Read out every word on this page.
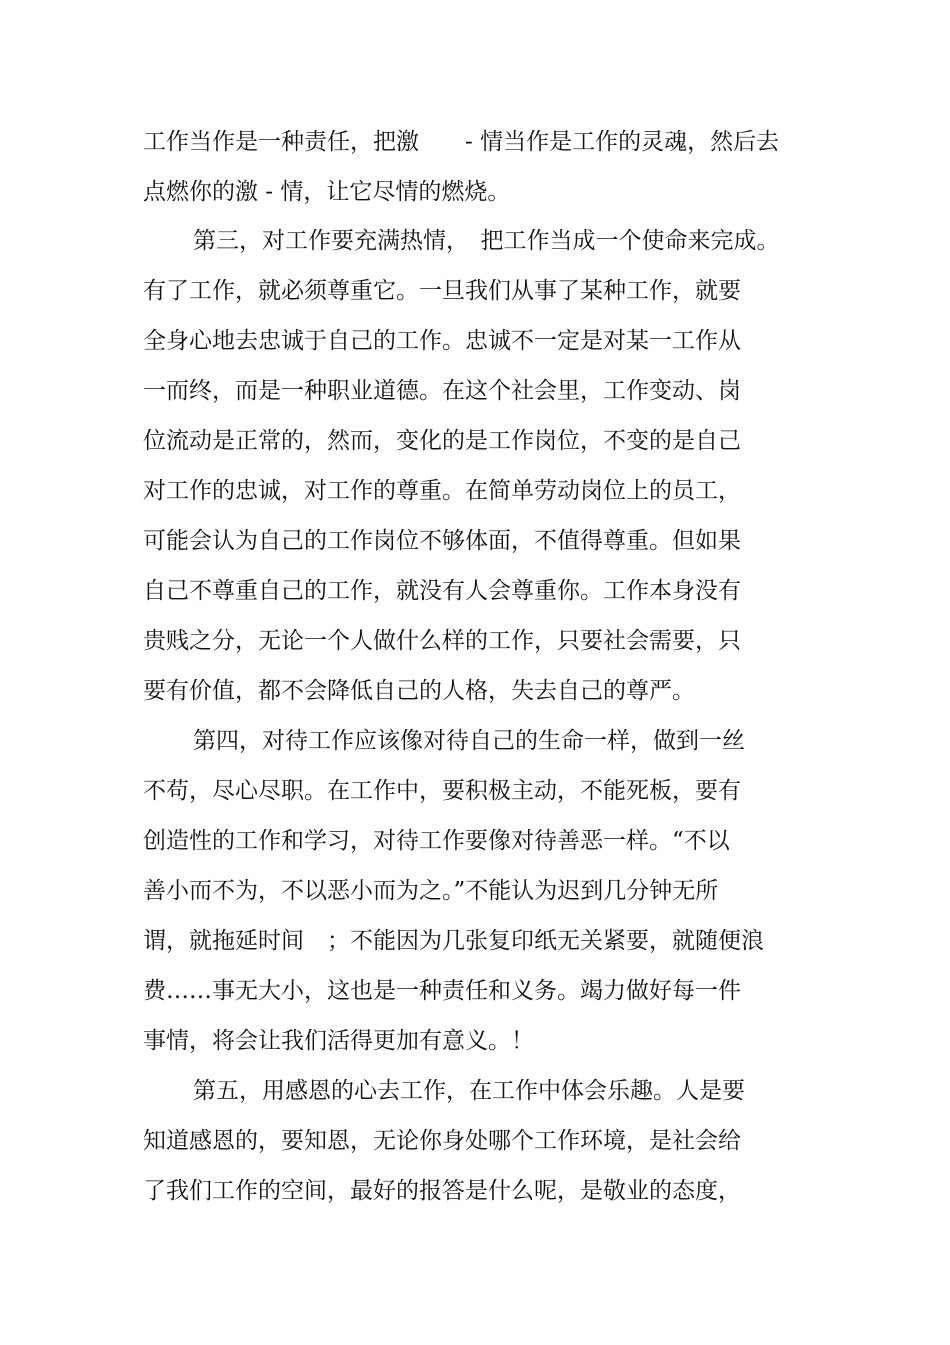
工作当作是一种责任，把激　　- 情当作是工作的灵魂，然后去
点燃你的激 - 情，让它尽情的燃烧。
第三，对工作要充满热情，　把工作当成一个使命来完成。
有了工作，就必须尊重它。一旦我们从事了某种工作，就要
全身心地去忠诚于自己的工作。忠诚不一定是对某一工作从
一而终，而是一种职业道德。在这个社会里，工作变动、岗
位流动是正常的，然而，变化的是工作岗位，不变的是自己
对工作的忠诚，对工作的尊重。在简单劳动岗位上的员工，
可能会认为自己的工作岗位不够体面，不值得尊重。但如果
自己不尊重自己的工作，就没有人会尊重你。工作本身没有
贵贱之分，无论一个人做什么样的工作，只要社会需要，只
要有价值，都不会降低自己的人格，失去自己的尊严。
第四，对待工作应该像对待自己的生命一样，做到一丝
不苟，尽心尽职。在工作中，要积极主动，不能死板，要有
创造性的工作和学习，对待工作要像对待善恶一样。“不以
善小而不为，不以恶小而为之。”不能认为迟到几分钟无所
谓，就拖延时间　；不能因为几张复印纸无关紧要，就随便浪
费……事无大小，这也是一种责任和义务。竭力做好每一件
事情，将会让我们活得更加有意义。！
第五，用感恩的心去工作，在工作中体会乐趣。人是要
知道感恩的，要知恩，无论你身处哪个工作环境，是社会给
了我们工作的空间，最好的报答是什么呢，是敬业的态度，
